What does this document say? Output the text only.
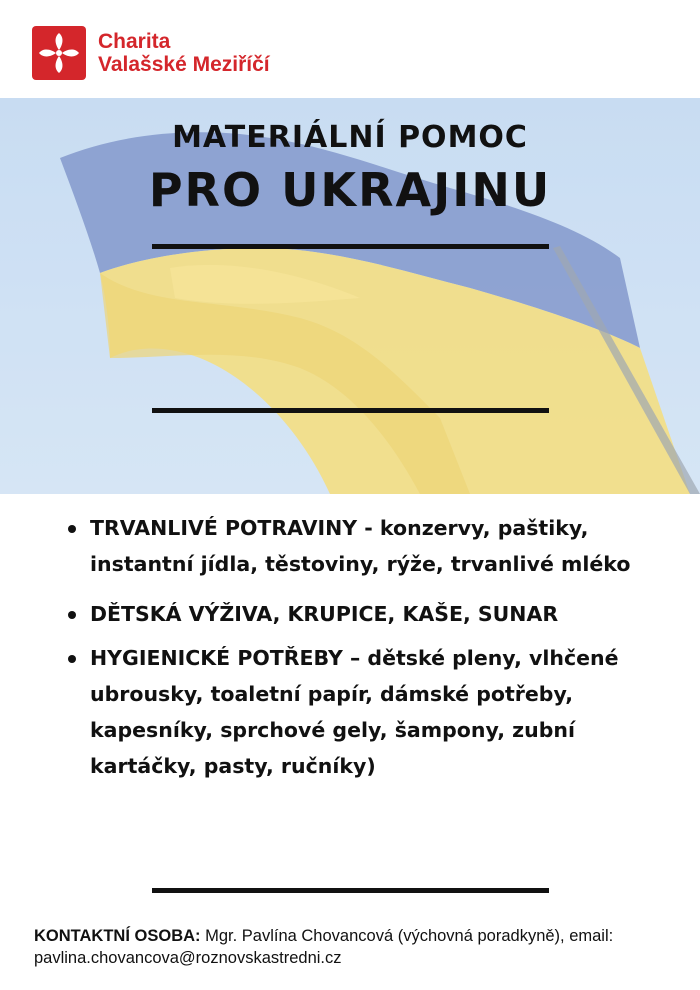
Charita
Valašské Meziříčí
MATERIÁLNÍ POMOC
PRO UKRAJINU
TRVANLIVÉ POTRAVINY - konzervy, paštiky, instantní jídla, těstoviny, rýže, trvanlivé mléko
DĚTSKÁ VÝŽIVA, KRUPICE, KAŠE, SUNAR
HYGIENICKÉ POTŘEBY – dětské pleny, vlhčené ubrousky, toaletní papír, dámské potřeby, kapesníky, sprchové gely, šampony, zubní kartáčky, pasty, ručníky)
KONTAKTNÍ OSOBA: Mgr. Pavlína Chovancová (výchovná poradkyně), email: pavlina.chovancova@roznovskastredni.cz
